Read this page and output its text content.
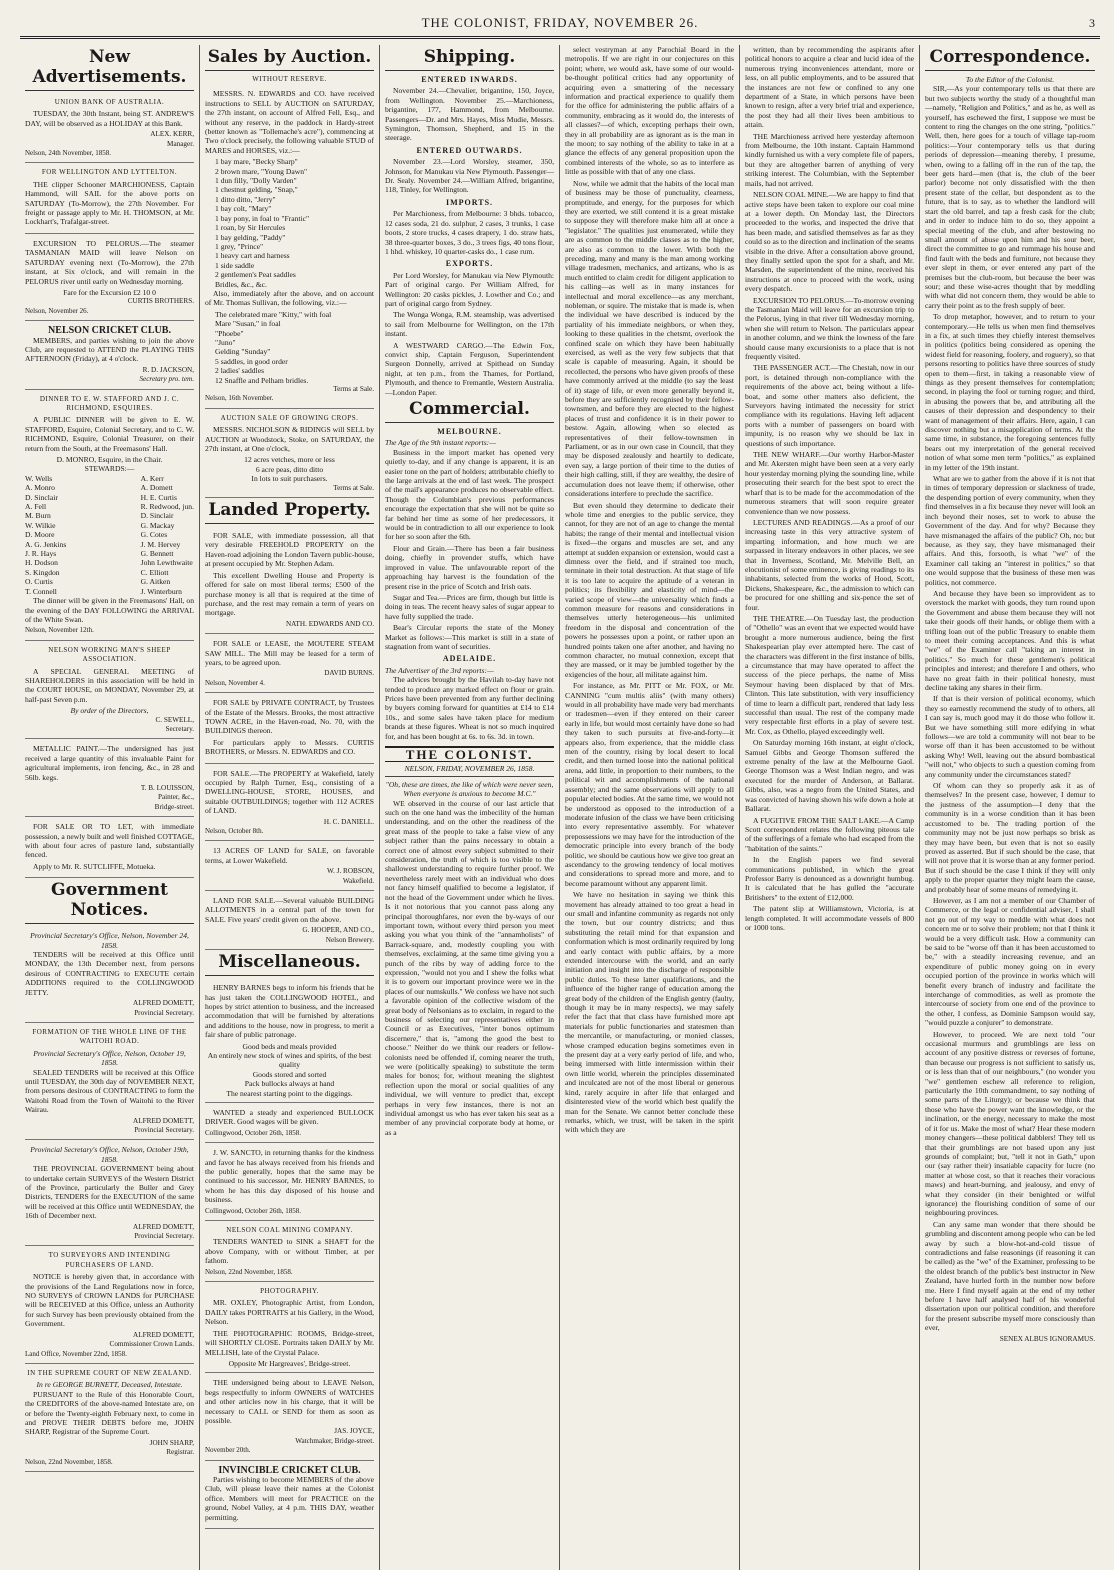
THE COLONIST, FRIDAY, NOVEMBER 26.	3
New Advertisements.
UNION BANK OF AUSTRALIA.
TUESDAY, the 30th Instant, being ST. ANDREW'S DAY, will be observed as a HOLIDAY at this Bank.
ALEX. KERR,
Manager.
Nelson, 24th November, 1858.
FOR WELLINGTON AND LYTTELTON.
THE clipper Schooner MARCHIONESS, Captain Hammond, will SAIL for the above ports on SATURDAY (To-Morrow), the 27th November. For freight or passage apply to Mr. H. THOMSON, at Mr. Lockhart's, Trafalgar-street.
EXCURSION TO PELORUS.—The steamer TASMANIAN MAID will leave Nelson on SATURDAY evening next (To-Morrow), the 27th instant, at Six o'clock, and will remain in the PELORUS river until early on Wednesday morning.
Fare for the Excursion £2 10 0
CURTIS BROTHERS.
Nelson, November 26.
NELSON CRICKET CLUB.
MEMBERS, and parties wishing to join the above Club, are requested to ATTEND the PLAYING THIS AFTERNOON (Friday), at 4 o'clock.
R. D. JACKSON,
Secretary pro. tem.
DINNER TO E. W. STAFFORD AND J. C. RICHMOND, ESQUIRES.
A PUBLIC DINNER will be given to E. W. STAFFORD, Esquire, Colonial Secretary, and to C. W. RICHMOND, Esquire, Colonial Treasurer, on their return from the South, at the Freemasons' Hall.
D. MONRO, Esquire, in the Chair.
STEWARDS:—
W. Wells
A. Monro
D. Sinclair
A. Fell
M. Burn
W. Wilkie
D. Moore
A. G. Jenkins
J. R. Hays
H. Dodson
S. Kingdon
O. Curtis
T. Connell
A. Kerr
A. Domett
H. E. Curtis
R. Redwood, jun.
D. Sinclair
G. Mackay
G. Cotes
J. M. Hervey
G. Bennett
John Lewthwaite
C. Elliott
G. Aitken
J. Winterburn
The dinner will be given in the Freemasons' Hall, on the evening of the DAY FOLLOWING the ARRIVAL of the White Swan.
Nelson, November 12th.
NELSON WORKING MAN'S SHEEP ASSOCIATION.
A SPECIAL GENERAL MEETING of SHAREHOLDERS in this association will be held in the COURT HOUSE, on MONDAY, November 29, at half-past Seven p.m.
By order of the Directors,
C. SEWELL,
Secretary.
METALLIC PAINT.—The undersigned has just received a large quantity of this invaluable Paint for agricultural implements, iron fencing, &c., in 28 and 56lb. kegs.
T. B. LOUISSON,
Painter, &c.,
Bridge-street.
FOR SALE OR TO LET, with immediate possession, a newly built and well finished COTTAGE, with about four acres of pasture land, substantially fenced.
Apply to Mr. R. SUTCLIFFE, Motueka.
Government Notices.
Provincial Secretary's Office, Nelson, November 24, 1858.
TENDERS will be received at this Office until MONDAY, the 13th December next, from persons desirous of CONTRACTING to EXECUTE certain ADDITIONS required to the COLLINGWOOD JETTY.
ALFRED DOMETT,
Provincial Secretary.
FORMATION OF THE WHOLE LINE OF THE WAITOHI ROAD.
Provincial Secretary's Office, Nelson, October 19, 1858.
SEALED TENDERS will be received at this Office until TUESDAY, the 30th day of NOVEMBER NEXT, from persons desirous of CONTRACTING to form the Waitohi Road from the Town of Waitohi to the River Wairau.
ALFRED DOMETT,
Provincial Secretary.
Provincial Secretary's Office, Nelson, October 19th, 1858.
THE PROVINCIAL GOVERNMENT being about to undertake certain SURVEYS of the Western District of the Province, particularly the Buller and Grey Districts, TENDERS for the EXECUTION of the same will be received at this Office until WEDNESDAY, the 16th of December next.
ALFRED DOMETT,
Provincial Secretary.
TO SURVEYORS AND INTENDING PURCHASERS OF LAND.
NOTICE is hereby given that, in accordance with the provisions of the Land Regulations now in force, NO SURVEYS of CROWN LANDS for PURCHASE will be RECEIVED at this Office, unless an Authority for such Survey has been previously obtained from the Government.
ALFRED DOMETT,
Commissioner Crown Lands.
Land Office, November 22nd, 1858.
IN THE SUPREME COURT OF NEW ZEALAND.
In re GEORGE BURNETT, Deceased, Intestate.
PURSUANT to the Rule of this Honorable Court, the CREDITORS of the above-named Intestate are, on or before the Twenty-eighth February next, to come in and PROVE THEIR DEBTS before me, JOHN SHARP, Registrar of the Supreme Court.
JOHN SHARP,
Registrar.
Nelson, 22nd November, 1858.
Sales by Auction.
WITHOUT RESERVE.
MESSRS. N. EDWARDS and CO. have received instructions to SELL by AUCTION on SATURDAY, the 27th instant, on account of Alfred Fell, Esq., and without any reserve, in the paddock in Hardy-street (better known as "Tollemache's acre"), commencing at Two o'clock precisely, the following valuable STUD of MARES and HORSES, viz.:—
1 bay mare, "Becky Sharp"
2 brown mare, "Young Dawn"
1 dun filly, "Dolly Varden"
1 chestnut gelding, "Snap,"
1 ditto ditto, "Jerry"
1 bay colt, "Mary"
1 bay pony, in foal to "Frantic"
1 roan, by Sir Hercules
1 bay gelding, "Paddy"
1 grey, "Prince"
1 heavy cart and harness
1 side saddle
2 gentlemen's Peat saddles
Bridles, &c., &c.
Also, immediately after the above, and on account of Mr. Thomas Sullivan, the following, viz.:—
The celebrated mare "Kitty," with foal
Mare "Susan," in foal
"Phoebe"
"Juno"
Gelding "Sunday"
5 saddles, in good order
2 ladies' saddles
12 Snaffle and Pelham bridles.
Terms at Sale.
Nelson, 16th November.
AUCTION SALE OF GROWING CROPS.
MESSRS. NICHOLSON & RIDINGS will SELL by AUCTION at Woodstock, Stoke, on SATURDAY, the 27th instant, at One o'clock,
12 acres vetches, more or less
6 acre peas, ditto ditto
In lots to suit purchasers.
Terms at Sale.
Landed Property.
FOR SALE, with immediate possession, all that very desirable FREEHOLD PROPERTY on the Haven-road adjoining the London Tavern public-house, at present occupied by Mr. Stephen Adam.
This excellent Dwelling House and Property is offered for sale on most liberal terms; £500 of the purchase money is all that is required at the time of purchase, and the rest may remain a term of years on mortgage.
NATH. EDWARDS AND CO.
FOR SALE or LEASE, the MOUTERE STEAM SAW MILL. The Mill may be leased for a term of years, to be agreed upon.
DAVID BURNS.
Nelson, November 4.
FOR SALE by PRIVATE CONTRACT, by Trustees of the Estate of the Messrs. Brooks, the most attractive TOWN ACRE, in the Haven-road, No. 70, with the BUILDINGS thereon.
For particulars apply to Messrs. CURTIS BROTHERS, or Messrs. N. EDWARDS and CO.
FOR SALE.—The PROPERTY at Wakefield, lately occupied by Ralph Turner, Esq., consisting of a DWELLING-HOUSE, STORE, HOUSES, and suitable OUTBUILDINGS; together with 112 ACRES of LAND.
H. C. DANIELL.
Nelson, October 8th.
13 ACRES OF LAND for SALE, on favorable terms, at Lower Wakefield.
W. J. ROBSON,
Wakefield.
LAND FOR SALE.—Several valuable BUILDING ALLOTMENTS in a central part of the town for SALE. Five years' credit given on the above.
G. HOOPER, AND CO.,
Nelson Brewery.
Miscellaneous.
HENRY BARNES begs to inform his friends that he has just taken the COLLINGWOOD HOTEL, and hopes by strict attention to business, and the increased accommodation that will be furnished by alterations and additions to the house, now in progress, to merit a fair share of public patronage.
Good beds and meals provided
An entirely new stock of wines and spirits, of the best quality
Goods stored and sorted
Pack bullocks always at hand
The nearest starting point to the diggings.
WANTED a steady and experienced BULLOCK DRIVER. Good wages will be given.
Collingwood, October 26th, 1858.
J. W. SANCTO, in returning thanks for the kindness and favor he has always received from his friends and the public generally, hopes that the same may be continued to his successor, Mr. HENRY BARNES, to whom he has this day disposed of his house and business.
Collingwood, October 26th, 1858.
NELSON COAL MINING COMPANY.
TENDERS WANTED to SINK a SHAFT for the above Company, with or without Timber, at per fathom.
Nelson, 22nd November, 1858.
PHOTOGRAPHY.
MR. OXLEY, Photographic Artist, from London, DAILY takes PORTRAITS at his Gallery, in the Wood, Nelson.
THE PHOTOGRAPHIC ROOMS, Bridge-street, will SHORTLY CLOSE. Portraits taken DAILY by Mr. MELLISH, late of the Crystal Palace.
Opposite Mr Hargreaves', Bridge-street.
THE undersigned being about to LEAVE Nelson, begs respectfully to inform OWNERS of WATCHES and other articles now in his charge, that it will be necessary to CALL or SEND for them as soon as possible.
JAS. JOYCE,
Watchmaker, Bridge-street.
November 20th.
INVINCIBLE CRICKET CLUB.
Parties wishing to become MEMBERS of the above Club, will please leave their names at the Colonist office. Members will meet for PRACTICE on the ground, Nobel Valley, at 4 p.m. THIS DAY, weather permitting.
Shipping.
ENTERED INWARDS.
November 24.—Chevalier, brigantine, 150, Joyce, from Wellington. November 25.—Marchioness, brigantine, 177, Hammond, from Melbourne. Passengers—Dr. and Mrs. Hayes, Miss Mudie, Messrs. Symington, Thomson, Shepherd, and 15 in the steerage.
ENTERED OUTWARDS.
November 23.—Lord Worsley, steamer, 350, Johnson, for Manukau via New Plymouth. Passenger—Dr. Sealy. November 24.—William Alfred, brigantine, 118, Tinley, for Wellington.
IMPORTS.
Per Marchioness, from Melbourne: 3 bhds. tobacco, 12 cases soda, 21 do. sulphur, 2 cases, 3 trunks, 1 case boots, 2 store trucks, 4 cases drapery, 1 do. straw hats, 38 three-quarter boxes, 3 do., 3 trees figs, 40 tons flour, 1 hhd. whiskey, 10 quarter-casks do., 1 case rum.
EXPORTS.
Per Lord Worsley, for Manukau via New Plymouth: Part of original cargo. Per William Alfred, for Wellington: 20 casks pickles, J. Lowther and Co.; and part of original cargo from Sydney.
The Wonga Wonga, R.M. steamship, was advertised to sail from Melbourne for Wellington, on the 17th instant.
A WESTWARD CARGO.—The Edwin Fox, convict ship, Captain Ferguson, Superintendent Surgeon Donnelly, arrived at Spithead on Sunday night, at ten p.m., from the Thames, for Portland, Plymouth, and thence to Fremantle, Western Australia.—London Paper.
Commercial.
MELBOURNE.
The Age of the 9th instant reports:—
Business in the import market has opened very quietly to-day, and if any change is apparent, it is an easier tone on the part of holders; attributable chiefly to the large arrivals at the end of last week. The prospect of the mail's appearance produces no observable effect. Though the Columbian's previous performances encourage the expectation that she will not be quite so far behind her time as some of her predecessors, it would be in contradiction to all our experience to look for her so soon after the 6th.
Flour and Grain.—There has been a fair business doing, chiefly in provender stuffs, which have improved in value. The unfavourable report of the approaching hay harvest is the foundation of the present rise in the price of Scotch and Irish oats.
Sugar and Tea.—Prices are firm, though but little is doing in teas. The recent heavy sales of sugar appear to have fully supplied the trade.
Bear's Circular reports the state of the Money Market as follows:—This market is still in a state of stagnation from want of securities.
ADELAIDE.
The Advertiser of the 3rd reports:—
The advices brought by the Havilah to-day have not tended to produce any marked effect on flour or grain. Prices have been prevented from any further declining by buyers coming forward for quantities at £14 to £14 10s., and some sales have taken place for medium brands at these figures. Wheat is not so much inquired for, and has been bought at 6s. to 6s. 3d. in town.
THE COLONIST.
NELSON, FRIDAY, NOVEMBER 26, 1858.
"Oh, these are times, the like of which were never seen, When everyone is anxious to become M.C."
WE observed in the course of our last article that such on the one hand was the imbecility of the human understanding, and on the other the readiness of the great mass of the people to take a false view of any subject rather than the pains necessary to obtain a correct one of almost every subject submitted to their consideration, the truth of which is too visible to the shallowest understanding to require further proof. We nevertheless rarely meet with an individual who does not fancy himself qualified to become a legislator, if not the head of the Government under which he lives. Is it not notorious that you cannot pass along any principal thoroughfares, nor even the by-ways of our important town, without every third person you meet asking you what you think of the "annamholists" of Barrack-square, and, modestly coupling you with themselves, exclaiming, at the same time giving you a punch of the ribs by way of adding force to the expression, "would not you and I shew the folks what it is to govern our important province were we in the places of our numskulls." We confess we have not such a favorable opinion of the collective wisdom of the great body of Nelsonians as to exclaim, in regard to the business of selecting our representatives either in Council or as Executives, "inter bonos optimum discernere," that is, "among the good the best to choose." Neither do we think our readers or fellow-colonists need be offended if, coming nearer the truth, we were (politically speaking) to substitute the term males for bonos; for, without meaning the slightest reflection upon the moral or social qualities of any individual, we will venture to predict that, except perhaps in very few instances, there is not an individual amongst us who has ever taken his seat as a member of any provincial corporate body at home, or as a
select vestryman at any Parochial Board in the metropolis. If we are right in our conjectures on this point; where, we would ask, have some of our would-be-thought political critics had any opportunity of acquiring even a smattering of the necessary information and practical experience to qualify them for the office for administering the public affairs of a community, embracing as it would do, the interests of all classes?—of which, excepting perhaps their own, they in all probability are as ignorant as is the man in the moon; to say nothing of the ability to take in at a glance the effects of any general proposition upon the combined interests of the whole, so as to interfere as little as possible with that of any one class.
Now, while we admit that the habits of the local man of business may be those of punctuality, clearness, promptitude, and energy, for the purposes for which they are exerted, we still contend it is a great mistake to suppose they will therefore make him all at once a "legislator." The qualities just enumerated, while they are as common to the middle classes as to the higher, are also as common to the lower. With both the preceding, many and many is the man among working village tradesmen, mechanics, and artizans, who is as much entitled to claim credit for diligent application to his calling—as well as in many instances for intellectual and moral excellence—as any merchant, nobleman, or squire. The mistake that is made is, when the individual we have described is induced by the partiality of his immediate neighbors, or when they, looking to these qualities in the chetsmt, overlook the confined scale on which they have been habitually exercised, as well as the very few subjects that that scale is capable of measuring. Again, it should be recollected, the persons who have given proofs of these have commonly arrived at the middle (to say the least of it) stage of life, or even more generally beyond it, before they are sufficiently recognised by their fellow-townsmen, and before they are elected to the highest places of trust and confidence it is in their power to bestow. Again, allowing when so elected as representatives of their fellow-townsmen in Parliament, or as in our own case in Council, that they may be disposed zealously and heartily to dedicate, even say, a large portion of their time to the duties of their high calling, still, if they are wealthy, the desire of accumulation does not leave them; if otherwise, other considerations interfere to preclude the sacrifice.
But even should they determine to dedicate their whole time and energies to the public service, they cannot, for they are not of an age to change the mental habits; the range of their mental and intellectual vision is fixed—the organs and muscles are set, and any attempt at sudden expansion or extension, would cast a dimness over the field, and if strained too much, terminate in their total destruction. At that stage of life it is too late to acquire the aptitude of a veteran in politics; its flexibility and elasticity of mind—the varied scope of view—the universality which finds a common measure for reasons and considerations in themselves utterly heterogeneous—his unlimited freedom in the disposal and concentration of the powers he possesses upon a point, or rather upon an hundred points taken one after another, and having no common character, no mutual connexion, except that they are massed, or it may be jumbled together by the exigencies of the hour, all militate against him.
For instance, as Mr. PITT or Mr. FOX, or Mr. CANNING "cum multis aliis" (with many others) would in all probability have made very bad merchants or tradesmen—even if they entered on their career early in life, but would most certainly have done so had they taken to such pursuits at five-and-forty—it appears also, from experience, that the middle class men of the country, rising by local desert to local credit, and then turned loose into the national political arena, add little, in proportion to their numbers, to the political wit and accomplishments of the national assembly; and the same observations will apply to all popular elected bodies. At the same time, we would not be understood as opposed to the introduction of a moderate infusion of the class we have been criticising into every representative assembly. For whatever prepossessions we may have for the introduction of the democratic principle into every branch of the body politic, we should be cautious how we give too great an ascendancy to the growing tendency of local motives and considerations to spread more and more, and to become paramount without any apparent limit.
We have no hesitation in saying we think this movement has already attained to too great a head in our small and infantine community as regards not only the town, but our country districts; and thus substituting the retail mind for that expansion and conformation which is most ordinarily required by long and early contact with public affairs, by a more extended intercourse with the world, and an early initiation and insight into the discharge of responsible public duties. To these latter qualifications, and the influence of the higher range of education among the great body of the children of the English gentry (faulty, though it may be in many respects), we may safely refer the fact that that class have furnished more apt materials for public functionaries and statesmen than the mercantile, or manufacturing, or monied classes, whose cramped education begins sometimes even in the present day at a very early period of life, and who, being immersed with little intermission within their own little world, wherein the principles disseminated and inculcated are not of the most liberal or generous kind, rarely acquire in after life that enlarged and disinterested view of the world which best qualify the man for the Senate. We cannot better conclude these remarks, which, we trust, will be taken in the spirit with which they are
written, than by recommending the aspirants after political honors to acquire a clear and lucid idea of the numerous trying inconveniences attendant, more or less, on all public employments, and to be assured that the instances are not few or confined to any one department of a State, in which persons have been known to resign, after a very brief trial and experience, the post they had all their lives been ambitious to attain.
THE Marchioness arrived here yesterday afternoon from Melbourne, the 10th instant. Captain Hammond kindly furnished us with a very complete file of papers, but they are altogether barren of anything of very striking interest. The Columbian, with the September mails, had not arrived.
NELSON COAL MINE.—We are happy to find that active steps have been taken to explore our coal mine at a lower depth. On Monday last, the Directors proceeded to the works, and inspected the drive that has been made, and satisfied themselves as far as they could so as to the direction and inclination of the seams visible in the drive. After a consultation above ground, they finally settled upon the spot for a shaft, and Mr. Marsden, the superintendent of the mine, received his instructions at once to proceed with the work, using every despatch.
EXCURSION TO PELORUS.—To-morrow evening the Tasmanian Maid will leave for an excursion trip to the Pelorus, lying in that river till Wednesday morning, when she will return to Nelson. The particulars appear in another column, and we think the lowness of the fare should cause many excursionists to a place that is not frequently visited.
THE PASSENGER ACT.—The Chestah, now in our port, is detained through non-compliance with the requirements of the above act, being without a life-boat, and some other matters also deficient, the Surveyors having intimated the necessity for strict compliance with its regulations. Having left adjacent ports with a number of passengers on board with impunity, is no reason why we should be lax in questions of such importance.
THE NEW WHARF.—Our worthy Harbor-Master and Mr. Akersten might have been seen at a very early hour yesterday morning plying the sounding line, while prosecuting their search for the best spot to erect the wharf that is to be made for the accommodation of the numerous steamers that will soon require greater convenience than we now possess.
LECTURES AND READINGS.—As a proof of our increasing taste in this very attractive system of imparting information, and how much we are surpassed in literary endeavors in other places, we see that in Inverness, Scotland, Mr. Melville Bell, an elocutionist of some eminence, is giving readings to its inhabitants, selected from the works of Hood, Scott, Dickens, Shakespeare, &c., the admission to which can be procured for one shilling and six-pence the set of four.
THE THEATRE.—On Tuesday last, the production of "Othello" was an event that we expected would have brought a more numerous audience, being the first Shakespearian play ever attempted here. The cast of the characters was different in the first instance of bills, a circumstance that may have operated to affect the success of the piece perhaps, the name of Miss Seymour having been displaced by that of Mrs. Clinton. This late substitution, with very insufficiency of time to learn a difficult part, rendered that lady less successful than usual. The rest of the company made very respectable first efforts in a play of severe test. Mr. Cox, as Othello, played exceedingly well.
On Saturday morning 16th instant, at eight o'clock, Samuel Gibbs and George Thomson suffered the extreme penalty of the law at the Melbourne Gaol. George Thomson was a West Indian negro, and was executed for the murder of Anderson, at Ballarat. Gibbs, also, was a negro from the United States, and was convicted of having shown his wife down a hole at Ballarat.
A FUGITIVE FROM THE SALT LAKE.—A Camp Scott correspondent relates the following piteous tale of the sufferings of a female who had escaped from the "habitation of the saints."
In the English papers we find several communications published, in which the great Professor Barry is denounced as a downright humbug. It is calculated that he has gulled the "accurate Britishers" to the extent of £12,000.
The patent slip at Williamstown, Victoria, is at length completed. It will accommodate vessels of 800 or 1000 tons.
Correspondence.
To the Editor of the Colonist.
SIR,—As your contemporary tells us that there are but two subjects worthy the study of a thoughtful man—namely, "Religion and Politics," and as he, as well as yourself, has eschewed the first, I suppose we must be content to ring the changes on the one string, "politics." Well, then, here goes for a touch of village tap-room politics:—Your contemporary tells us that during periods of depression—meaning thereby, I presume, when, owing to a falling off in the run of the tap, the beer gets hard—men (that is, the club of the beer parlor) become not only dissatisfied with the then present state of the cellar, but despondent as to the future, that is to say, as to whether the landlord will start the old barrel, and tap a fresh cask for the club; and in order to induce him to do so, they appoint a special meeting of the club, and after bestowing no small amount of abuse upon him and his sour beer, direct the committee to go and rummage his house and find fault with the beds and furniture, not because they ever slept in them, or ever entered any part of the premises but the club-room, but because the beer was sour; and these wise-acres thought that by meddling with what did not concern them, they would be able to carry their point as to the fresh supply of beer.
To drop metaphor, however, and to return to your contemporary.—He tells us when men find themselves in a fix, at such times they chiefly interest themselves in politics (politics being considered as opening the widest field for reasoning, foolery, and roguery), so that persons resorting to politics have three sources of study open to them—first, in taking a reasonable view of things as they present themselves for contemplation; second, in playing the fool or turning rogue; and third, in abusing the powers that be, and attributing all the causes of their depression and despondency to their want of management of their affairs. Here, again, I can discover nothing but a misapplication of terms. At the same time, in substance, the foregoing sentences fully bears out my interpretation of the general received notion of what some men term "politics," as explained in my letter of the 19th instant.
What are we to gather from the above if it is not that in times of temporary depression or slackness of trade, the despending portion of every community, when they find themselves in a fix because they never will look an inch beyond their noses, set to work to abuse the Government of the day. And for why? Because they have mismanaged the affairs of the public? Oh, no; but because, as they say, they have mismanaged their affairs. And this, forsooth, is what "we" of the Examiner call taking an "interest in politics," so that one would suppose that the business of these men was politics, not commerce.
And because they have been so improvident as to overstock the market with goods, they turn round upon the Government and abuse them because they will not take their goods off their hands, or oblige them with a trifling loan out of the public Treasury to enable them to meet their coming acceptances. And this is what "we" of the Examiner call "taking an interest in politics." So much for these gentlemen's political principles and interest; and therefore I and others, who have no great faith in their political honesty, must decline taking any shares in their firm.
If that is their version of political economy, which they so earnestly recommend the study of to others, all I can say is, much good may it do those who follow it. But we have something still more edifying in what follows—we are told a community will not bear to be worse off than it has been accustomed to be without asking Why! Well, leaving out the absurd bombastical "will not," who objects to such a question coming from any community under the circumstances stated?
Of whom can they so properly ask it as of themselves? In the present case, however, I demur to the justness of the assumption—I deny that the community is in a worse condition than it has been accustomed to be. The trading portion of the community may not be just now perhaps so brisk as they may have been, but even that is not so easily proved as asserted. But if such should be the case, that will not prove that it is worse than at any former period. But if such should be the case I think if they will only apply to the proper quarter they might learn the cause, and probably hear of some means of remedying it.
However, as I am not a member of our Chamber of Commerce, or the legal or confidential adviser, I shall not go out of my way to meddle with what does not concern me or to solve their problem; not that I think it would be a very difficult task. How a community can be said to be "worse off than it has been accustomed to be," with a steadily increasing revenue, and an expenditure of public money going on in every occupied portion of the province in works which will benefit every branch of industry and facilitate the interchange of commodities, as well as promote the intercourse of society from one end of the province to the other, I confess, as Dominie Sampson would say, "would puzzle a conjurer" to demonstrate.
However, to proceed. We are next told "our occasional murmurs and grumblings are less on account of any positive distress or reverses of fortune, than because our progress is not sufficient to satisfy us, or is less than that of our neighbours," (no wonder you "we" gentlemen eschew all reference to religion, particularly the 10th commandment, to say nothing of some parts of the Liturgy); or because we think that those who have the power want the knowledge, or the inclination, or the energy, necessary to make the most of it for us. Make the most of what? Hear these modern money changers—these political dabblers! They tell us that their grumblings are not based upon any just grounds of complaint; but, "tell it not in Gath," upon our (say rather their) insatiable capacity for lucre (no matter at whose cost, so that it reaches their voracious maws) and heart-burning, and jealousy, and envy of what they consider (in their benighted or wilful ignorance) the flourishing condition of some of our neighbouring provinces.
Can any same man wonder that there should be grumbling and discontent among people who can be led away by such a blow-hot-and-cold tissue of contradictions and false reasonings (if reasoning it can be called) as the "we" of the Examiner, professing to be the oldest branch of the public's best instructor in New Zealand, have hurled forth in the number now before me. Here I find myself again at the end of my tether before I have half analysed half of his wonderful dissertation upon our political condition, and therefore for the present subscribe myself more consciously than ever,
SENEX ALBUS IGNORAMUS.
